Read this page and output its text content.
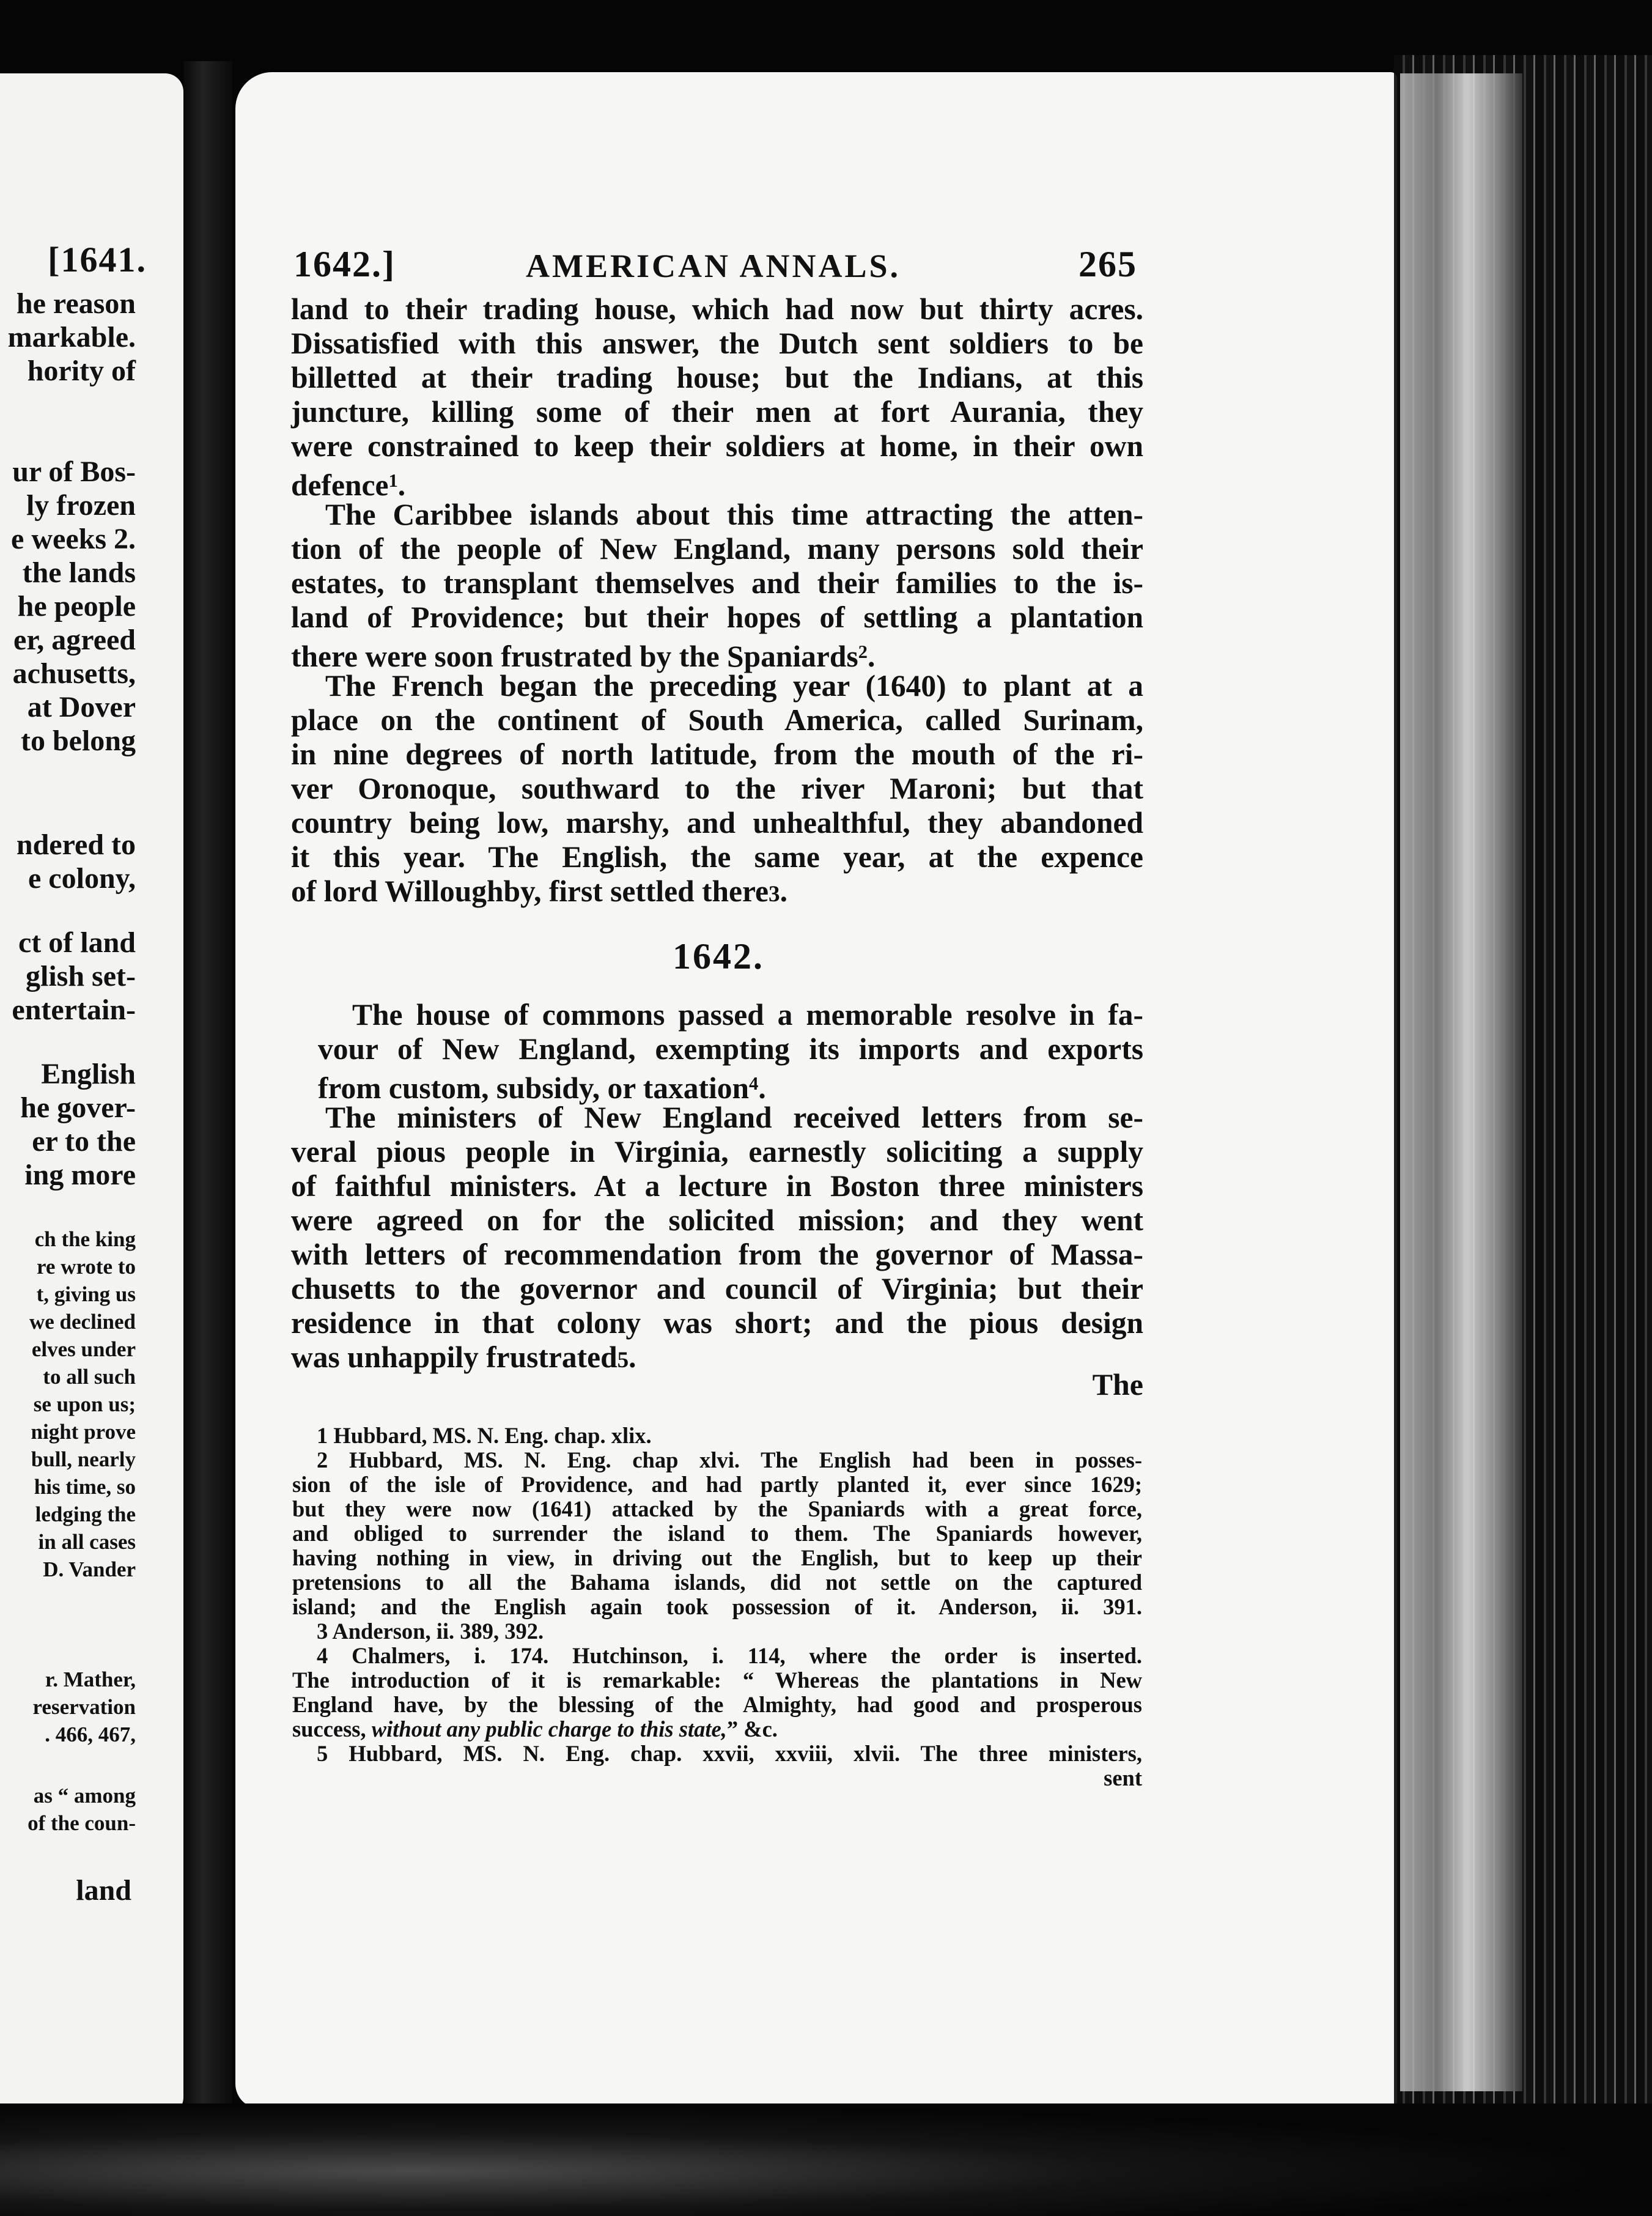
[1641.
he reason
markable.
hority of
ur of Bos-
ly frozen
e weeks 2.
the lands
he people
er, agreed
achusetts,
at Dover
to belong
ndered to
e colony,
ct of land
glish set-
entertain-
English
he gover-
er to the
ing more
ch the king
re wrote to
t, giving us
we declined
elves under
to all such
se upon us;
night prove
bull, nearly
his time, so
ledging the
in all cases
D. Vander
r. Mather,
reservation
. 466, 467,
as “ among
of the coun-
land
1642.]	AMERICAN ANNALS.	265
land to their trading house, which had now but thirty acres.
Dissatisfied with this answer, the Dutch sent soldiers to be
billetted at their trading house; but the Indians, at this
juncture, killing some of their men at fort Aurania, they
were constrained to keep their soldiers at home, in their own
defence$^1$.
The Caribbee islands about this time attracting the atten-
tion of the people of New England, many persons sold their
estates, to transplant themselves and their families to the is-
land of Providence; but their hopes of settling a plantation
there were soon frustrated by the Spaniards$^2$.
The French began the preceding year (1640) to plant at a
place on the continent of South America, called Surinam,
in nine degrees of north latitude, from the mouth of the ri-
ver Oronoque, southward to the river Maroni; but that
country being low, marshy, and unhealthful, they abandoned
it this year. The English, the same year, at the expence
of lord Willoughby, first settled there3.
1642.
The house of commons passed a memorable resolve in fa-
vour of New England, exempting its imports and exports
from custom, subsidy, or taxation$^4$.
The ministers of New England received letters from se-
veral pious people in Virginia, earnestly soliciting a supply
of faithful ministers. At a lecture in Boston three ministers
were agreed on for the solicited mission; and they went
with letters of recommendation from the governor of Massa-
chusetts to the governor and council of Virginia; but their
residence in that colony was short; and the pious design
was unhappily frustrated5.
The
1 Hubbard, MS. N. Eng. chap. xlix.
2 Hubbard, MS. N. Eng. chap xlvi. The English had been in posses-
sion of the isle of Providence, and had partly planted it, ever since 1629;
but they were now (1641) attacked by the Spaniards with a great force,
and obliged to surrender the island to them. The Spaniards however,
having nothing in view, in driving out the English, but to keep up their
pretensions to all the Bahama islands, did not settle on the captured
island; and the English again took possession of it. Anderson, ii. 391.
3 Anderson, ii. 389, 392.
4 Chalmers, i. 174. Hutchinson, i. 114, where the order is inserted.
The introduction of it is remarkable: “ Whereas the plantations in New
England have, by the blessing of the Almighty, had good and prosperous
success, without any public charge to this state,” &c.
5 Hubbard, MS. N. Eng. chap. xxvii, xxviii, xlvii. The three ministers,
sent
